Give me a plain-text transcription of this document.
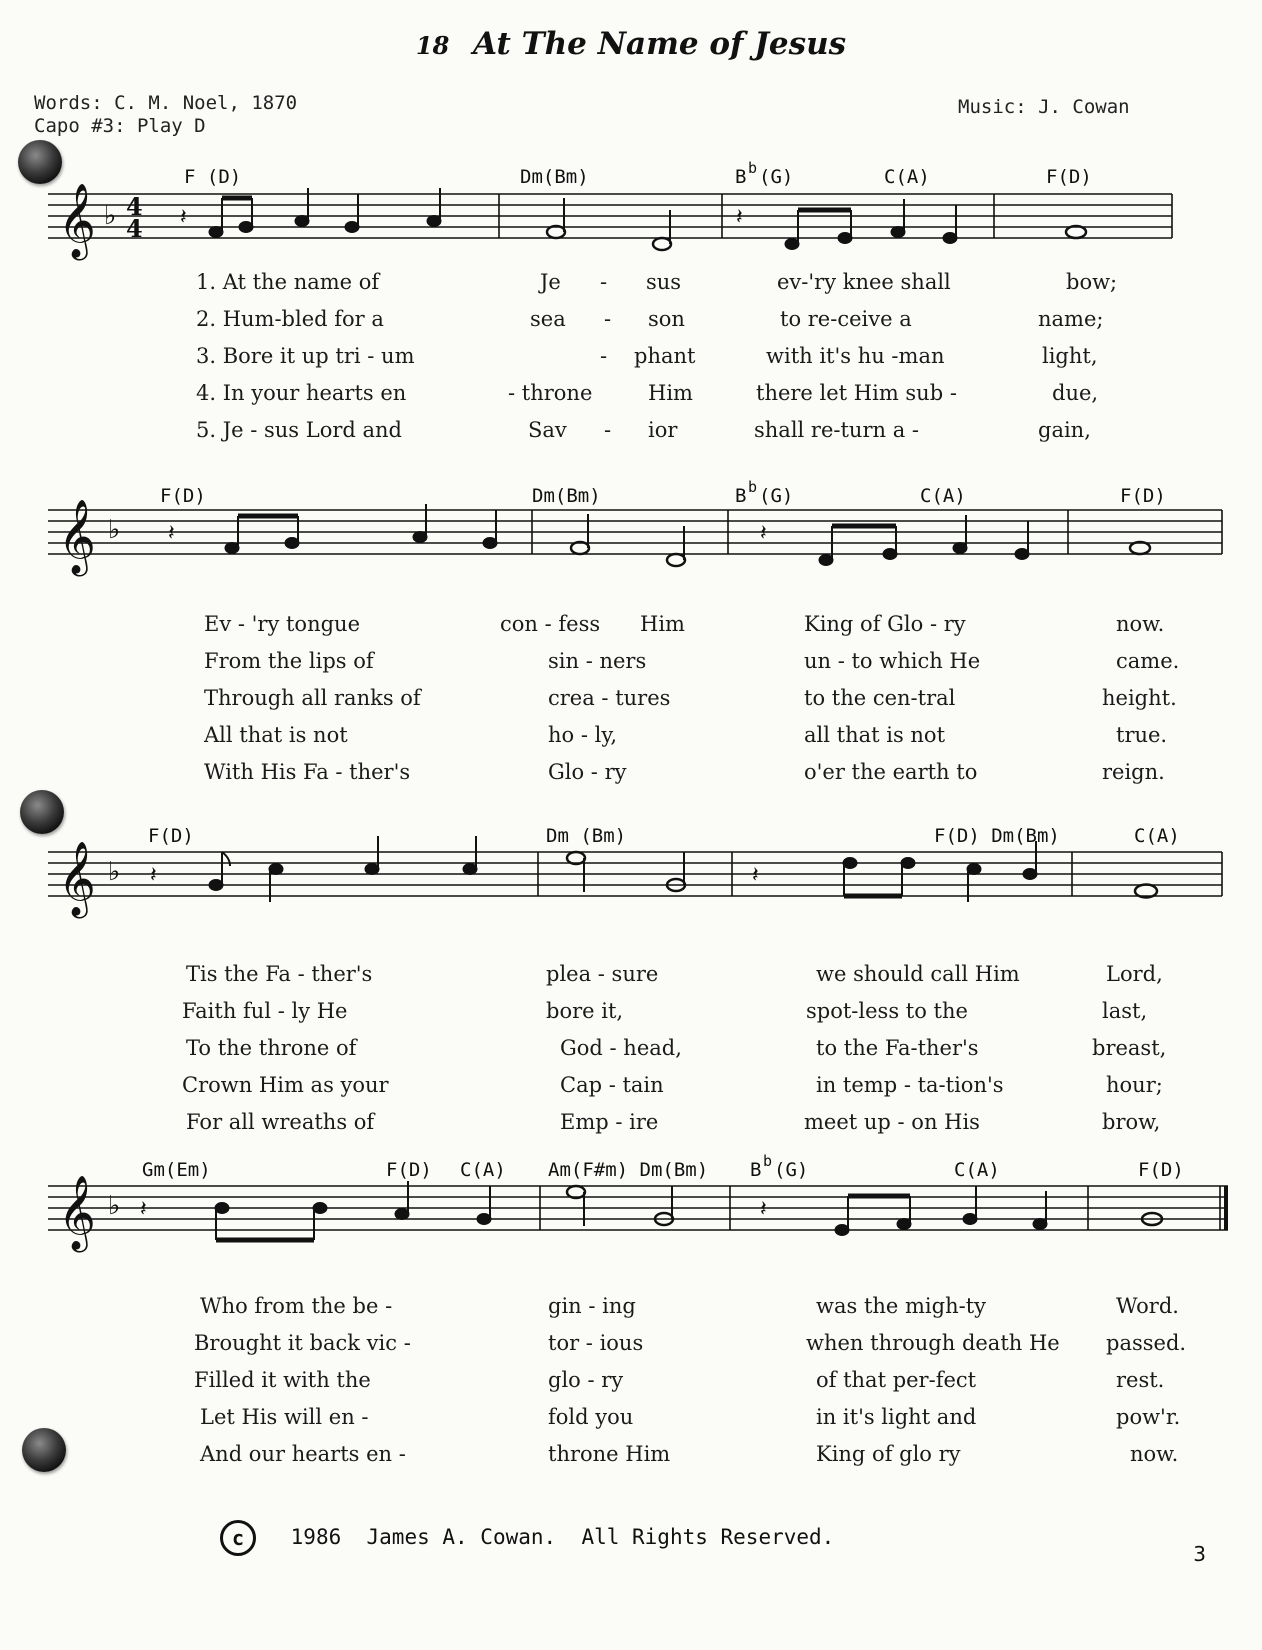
18 At The Name of Jesus
Words: C. M. Noel, 1870
Capo #3: Play D
Music: J. Cowan
F (D)	Dm(Bm)	B b (G)	C(A)	F(D)
𝄞 ♭ 4
4 𝄽	𝄽
1. At the name of	Je - sus	ev-'ry knee shall	bow;
2. Hum-bled for a	sea - son	to re-ceive a	name;
3. Bore it up tri - um	- phant	with it's hu -man	light,
4. In your hearts en	- throne	Him	there let Him sub -	due,
5. Je - sus Lord and	Sav - ior	shall re-turn a -	gain,
F(D)	Dm(Bm)	B b (G)	C(A)	F(D)
𝄞 ♭ 𝄽	𝄽
Ev - 'ry tongue	con - fess Him	King of Glo - ry	now.
From the lips of	sin - ners	un - to which He	came.
Through all ranks of	crea - tures	to the cen-tral	height.
All that is not	ho - ly,	all that is not	true.
With His Fa - ther's	Glo - ry	o'er the earth to	reign.
F(D)	Dm (Bm)	F(D) Dm(Bm)	C(A)
𝄞 ♭ 𝄽	𝄽
Tis the Fa - ther's	plea - sure	we should call Him	Lord,
Faith ful - ly He	bore it,	spot-less to the	last,
To the throne of	God - head,	to the Fa-ther's	breast,
Crown Him as your	Cap - tain	in temp - ta-tion's	hour;
For all wreaths of	Emp - ire	meet up - on His	brow,
Gm(Em)	F(D) C(A) Am(F#m) Dm(Bm) B b (G)	C(A)	F(D)
𝄞 ♭ 𝄽	𝄽
Who from the be -	gin - ing	was the migh-ty	Word.
Brought it back vic -	tor - ious	when through death He passed.
Filled it with the	glo - ry	of that per-fect	rest.
Let His will en -	fold you	in it's light and	pow'r.
And our hearts en -	throne Him	King of glo ry	now.
c 1986  James A. Cowan.  All Rights Reserved.
3
